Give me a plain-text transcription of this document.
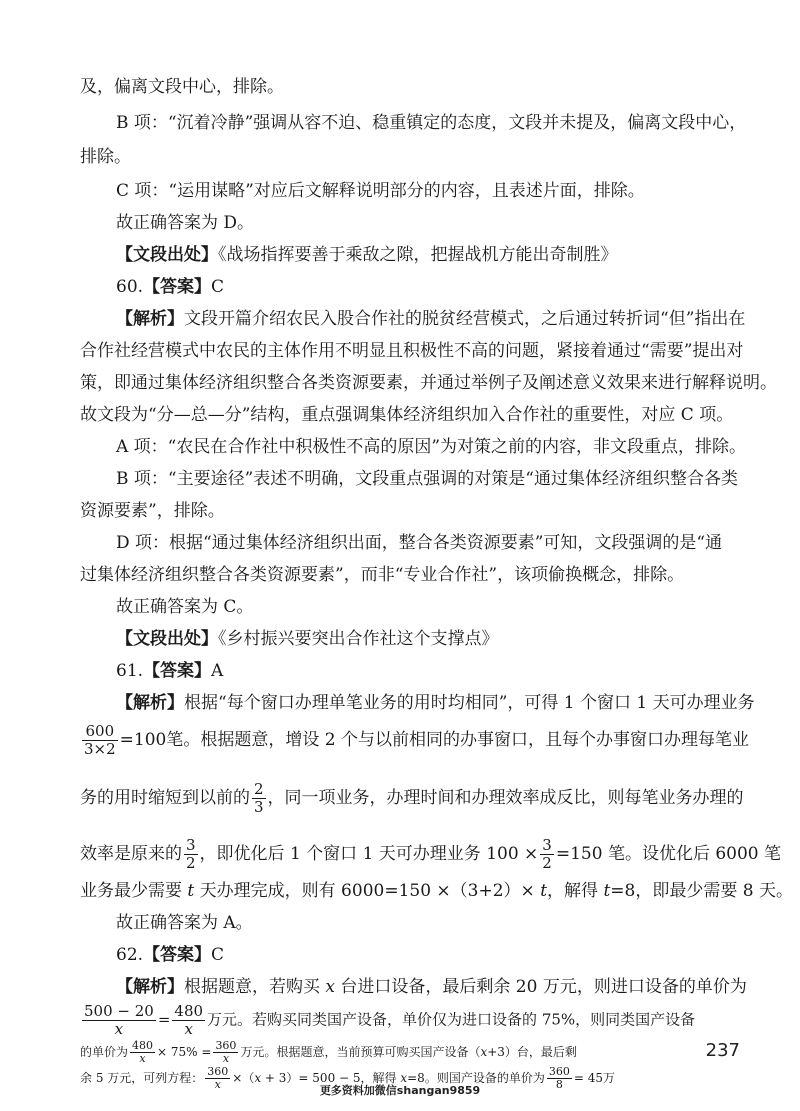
及，偏离文段中心，排除。
B 项：“沉着冷静”强调从容不迫、稳重镇定的态度，文段并未提及，偏离文段中心，
排除。
C 项：“运用谋略”对应后文解释说明部分的内容，且表述片面，排除。
故正确答案为 D。
【文段出处】《战场指挥要善于乘敌之隙，把握战机方能出奇制胜》
60.【答案】C
【解析】文段开篇介绍农民入股合作社的脱贫经营模式，之后通过转折词“但”指出在
合作社经营模式中农民的主体作用不明显且积极性不高的问题，紧接着通过“需要”提出对
策，即通过集体经济组织整合各类资源要素，并通过举例子及阐述意义效果来进行解释说明。
故文段为“分—总—分”结构，重点强调集体经济组织加入合作社的重要性，对应 C 项。
A 项：“农民在合作社中积极性不高的原因”为对策之前的内容，非文段重点，排除。
B 项：“主要途径”表述不明确，文段重点强调的对策是“通过集体经济组织整合各类
资源要素”，排除。
D 项：根据“通过集体经济组织出面，整合各类资源要素”可知，文段强调的是“通
过集体经济组织整合各类资源要素”，而非“专业合作社”，该项偷换概念，排除。
故正确答案为 C。
【文段出处】《乡村振兴要突出合作社这个支撑点》
61.【答案】A
【解析】根据“每个窗口办理单笔业务的用时均相同”，可得 1 个窗口 1 天可办理业务
$\frac{600}{3\times 2} =100$笔。根据题意，增设 2 个与以前相同的办事窗口，且每个办事窗口办理每笔业
务的用时缩短到以前的 $\frac{2}{3}$ ，同一项业务，办理时间和办理效率成反比，则每笔业务办理的
效率是原来的 $\frac{3}{2}$ ，即优化后 1 个窗口 1 天可办理业务 $100 \times \frac{3}{2} =150$ 笔。设优化后 6000 笔
业务最少需要 t 天办理完成，则有 6000=150 ×（3+2）× t，解得 t=8，即最少需要 8 天。
故正确答案为 A。
62.【答案】C
【解析】根据题意，若购买 x 台进口设备，最后剩余 20 万元，则进口设备的单价为
237
更多资料加微信shangan9859
$\frac{500 - 20}{x} = \frac{480}{x}$ 万元。若购买同类国产设备，单价仅为进口设备的 75%，则同类国产设备
的单价为 $\frac{480}{x} \times 75\% = \frac{360}{x}$ 万元。根据题意，当前预算可购买国产设备（x+3）台，最后剩
余 5 万元，可列方程： $\frac{360}{x} \times(x + 3)= 500 - 5$，解得 x=8。则国产设备的单价为 $\frac{360}{8} = 45$万
